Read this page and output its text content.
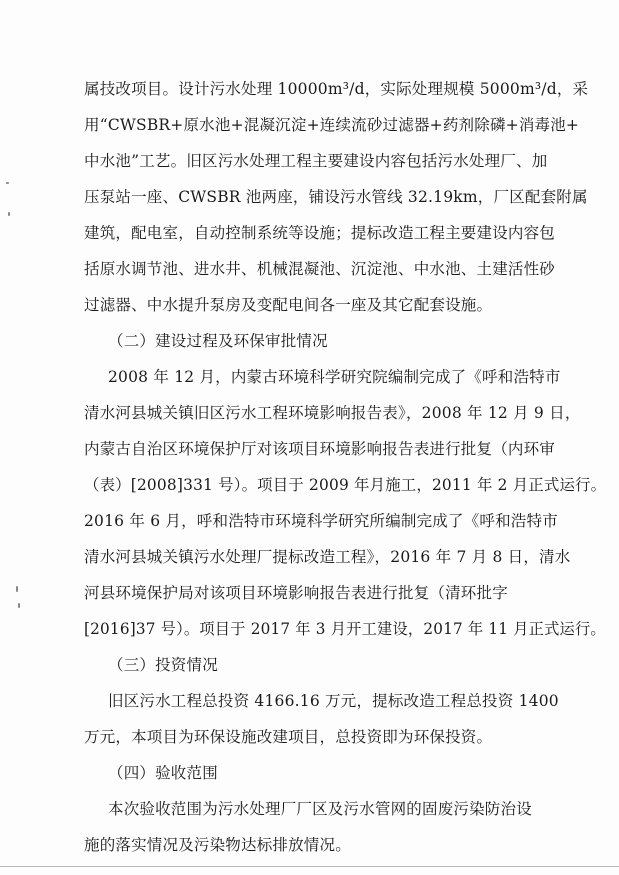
属技改项目。设计污水处理 10000m³/d，实际处理规模 5000m³/d，采
用“CWSBR+原水池+混凝沉淀+连续流砂过滤器+药剂除磷+消毒池+
中水池”工艺。旧区污水处理工程主要建设内容包括污水处理厂、加
压泵站一座、CWSBR 池两座，铺设污水管线 32.19km，厂区配套附属
建筑，配电室，自动控制系统等设施；提标改造工程主要建设内容包
括原水调节池、进水井、机械混凝池、沉淀池、中水池、土建活性砂
过滤器、中水提升泵房及变配电间各一座及其它配套设施。
（二）建设过程及环保审批情况
2008 年 12 月，内蒙古环境科学研究院编制完成了《呼和浩特市
清水河县城关镇旧区污水工程环境影响报告表》，2008 年 12 月 9 日，
内蒙古自治区环境保护厅对该项目环境影响报告表进行批复（内环审
（表）[2008]331 号）。项目于 2009 年月施工，2011 年 2 月正式运行。
2016 年 6 月，呼和浩特市环境科学研究所编制完成了《呼和浩特市
清水河县城关镇污水处理厂提标改造工程》，2016 年 7 月 8 日，清水
河县环境保护局对该项目环境影响报告表进行批复（清环批字
[2016]37 号）。项目于 2017 年 3 月开工建设，2017 年 11 月正式运行。
（三）投资情况
旧区污水工程总投资 4166.16 万元，提标改造工程总投资 1400
万元，本项目为环保设施改建项目，总投资即为环保投资。
（四）验收范围
本次验收范围为污水处理厂厂区及污水管网的固废污染防治设
施的落实情况及污染物达标排放情况。
